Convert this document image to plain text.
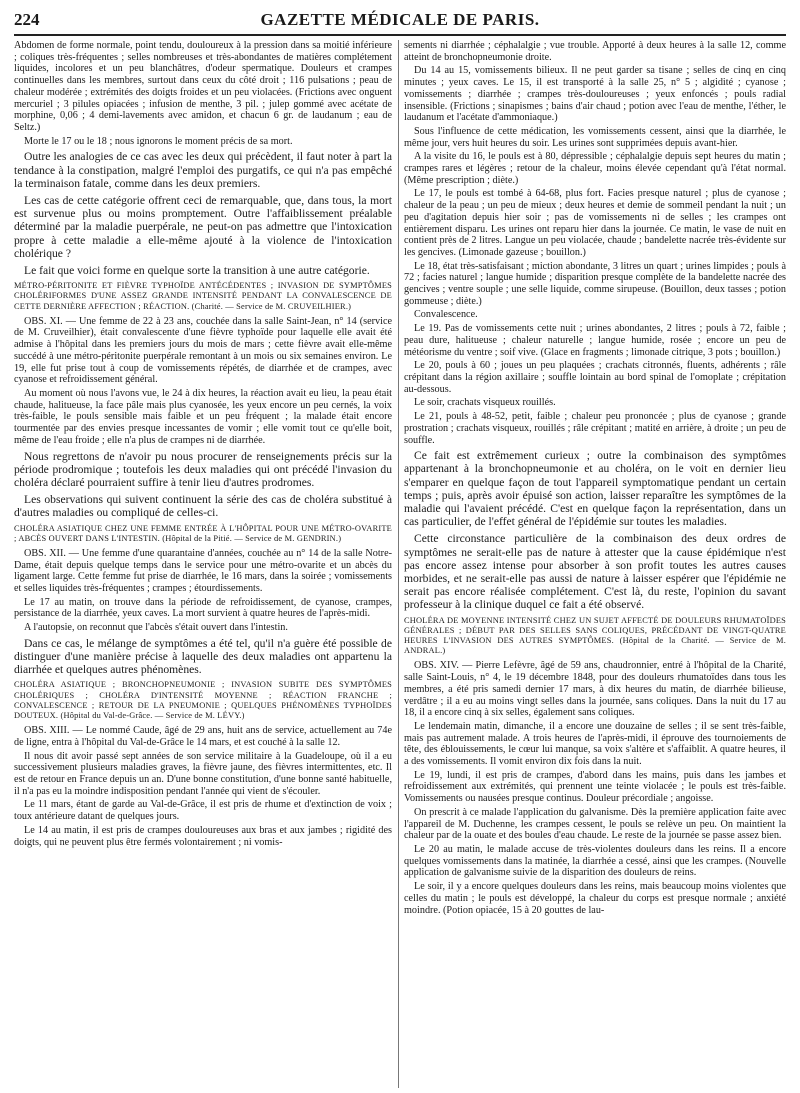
224	GAZETTE MÉDICALE DE PARIS.

Abdomen de forme normale, point tendu, douloureux à la pression dans sa moitié inférieure ; coliques très-fréquentes ; selles nombreuses et très-abondantes de matières complétement liquides, incolores et un peu blanchâtres, d'odeur spermatique. Douleurs et crampes continuelles dans les membres, surtout dans ceux du côté droit ; 116 pulsations ; peau de chaleur modérée ; extrémités des doigts froides et un peu violacées. (Frictions avec onguent mercuriel ; 3 pilules opiacées ; infusion de menthe, 3 pil. ; julep gommé avec acétate de morphine, 0,06 ; 4 demi-lavements avec amidon, et chacun 6 gr. de laudanum ; eau de Seltz.)

Morte le 17 ou le 18 ; nous ignorons le moment précis de sa mort.

Outre les analogies de ce cas avec les deux qui précèdent, il faut noter à part la tendance à la constipation, malgré l'emploi des purgatifs, ce qui n'a pas empêché la terminaison fatale, comme dans les deux premiers.

Les cas de cette catégorie offrent ceci de remarquable, que, dans tous, la mort est survenue plus ou moins promptement. Outre l'affaiblissement préalable déterminé par la maladie puerpérale, ne peut-on pas admettre que l'intoxication propre à cette maladie a elle-même ajouté à la violence de l'intoxication cholérique ?

Le fait que voici forme en quelque sorte la transition à une autre catégorie.

MÉTRO-PÉRITONITE ET FIÈVRE TYPHOÏDE ANTÉCÉDENTES ; INVASION DE SYMPTÔMES CHOLÉRIFORMES D'UNE ASSEZ GRANDE INTENSITÉ PENDANT LA CONVALESCENCE DE CETTE DERNIÈRE AFFECTION ; RÉACTION. (Charité. — Service de M. CRUVEILHIER.)

OBS. XI. — Une femme de 22 à 23 ans, couchée dans la salle Saint-Jean, n° 14 (service de M. Cruveilhier), était convalescente d'une fièvre typhoïde pour laquelle elle avait été admise à l'hôpital dans les premiers jours du mois de mars ; cette fièvre avait elle-même succédé à une métro-péritonite puerpérale remontant à un mois ou six semaines environ. Le 19, elle fut prise tout à coup de vomissements répétés, de diarrhée et de crampes, avec cyanose et refroidissement général.

Au moment où nous l'avons vue, le 24 à dix heures, la réaction avait eu lieu, la peau était chaude, halitueuse, la face pâle mais plus cyanosée, les yeux encore un peu cernés, la voix très-faible, le pouls sensible mais faible et un peu fréquent ; la malade était encore tourmentée par des envies presque incessantes de vomir ; elle vomit tout ce qu'elle boit, même de l'eau froide ; elle n'a plus de crampes ni de diarrhée.

Nous regrettons de n'avoir pu nous procurer de renseignements précis sur la période prodromique ; toutefois les deux maladies qui ont précédé l'invasion du choléra déclaré pourraient suffire à tenir lieu d'autres prodromes.

Les observations qui suivent continuent la série des cas de choléra substitué à d'autres maladies ou compliqué de celles-ci.

CHOLÉRA ASIATIQUE CHEZ UNE FEMME ENTRÉE À L'HÔPITAL POUR UNE MÉTRO-OVARITE ; ABCÈS OUVERT DANS L'INTESTIN. (Hôpital de la Pitié. — Service de M. GENDRIN.)

OBS. XII. — Une femme d'une quarantaine d'années, couchée au n° 14 de la salle Notre-Dame, était depuis quelque temps dans le service pour une métro-ovarite et un abcès du ligament large. Cette femme fut prise de diarrhée, le 16 mars, dans la soirée ; vomissements et selles liquides très-fréquentes ; crampes ; étourdissements.

Le 17 au matin, on trouve dans la période de refroidissement, de cyanose, crampes, persistance de la diarrhée, yeux caves. La mort survient à quatre heures de l'après-midi.

A l'autopsie, on reconnut que l'abcès s'était ouvert dans l'intestin.

Dans ce cas, le mélange de symptômes a été tel, qu'il n'a guère été possible de distinguer d'une manière précise à laquelle des deux maladies ont appartenu la diarrhée et quelques autres phénomènes.

CHOLÉRA ASIATIQUE ; BRONCHOPNEUMONIE ; INVASION SUBITE DES SYMPTÔMES CHOLÉRIQUES ; CHOLÉRA D'INTENSITÉ MOYENNE ; RÉACTION FRANCHE ; CONVALESCENCE ; RETOUR DE LA PNEUMONIE ; QUELQUES PHÉNOMÈNES TYPHOÏDES DOUTEUX. (Hôpital du Val-de-Grâce. — Service de M. LÉVY.)

OBS. XIII. — Le nommé Caude, âgé de 29 ans, huit ans de service, actuellement au 74e de ligne, entra à l'hôpital du Val-de-Grâce le 14 mars, et est couché à la salle 12.

Il nous dit avoir passé sept années de son service militaire à la Guadeloupe, où il a eu successivement plusieurs maladies graves, la fièvre jaune, des fièvres intermittentes, etc. Il est de retour en France depuis un an. D'une bonne constitution, d'une bonne santé habituelle, il n'a pas eu la moindre indisposition pendant l'année qui vient de s'écouler.

Le 11 mars, étant de garde au Val-de-Grâce, il est pris de rhume et d'extinction de voix ; toux antérieure datant de quelques jours.

Le 14 au matin, il est pris de crampes douloureuses aux bras et aux jambes ; rigidité des doigts, qui ne peuvent plus être fermés volontairement ; ni vomis-

sements ni diarrhée ; céphalalgie ; vue trouble. Apporté à deux heures à la salle 12, comme atteint de bronchopneumonie droite.

Du 14 au 15, vomissements bilieux. Il ne peut garder sa tisane ; selles de cinq en cinq minutes ; yeux caves. Le 15, il est transporté à la salle 25, n° 5 ; algidité ; cyanose ; vomissements ; diarrhée ; crampes très-douloureuses ; yeux enfoncés ; pouls radial insensible. (Frictions ; sinapismes ; bains d'air chaud ; potion avec l'eau de menthe, l'éther, le laudanum et l'acétate d'ammoniaque.)

Sous l'influence de cette médication, les vomissements cessent, ainsi que la diarrhée, le même jour, vers huit heures du soir. Les urines sont supprimées depuis avant-hier.

A la visite du 16, le pouls est à 80, dépressible ; céphalalgie depuis sept heures du matin ; crampes rares et légères ; retour de la chaleur, moins élevée cependant qu'à l'état normal. (Même prescription ; diète.)

Le 17, le pouls est tombé à 64-68, plus fort. Facies presque naturel ; plus de cyanose ; chaleur de la peau ; un peu de mieux ; deux heures et demie de sommeil pendant la nuit ; un peu d'agitation depuis hier soir ; pas de vomissements ni de selles ; les crampes ont entièrement disparu. Les urines ont reparu hier dans la journée. Ce matin, le vase de nuit en contient près de 2 litres. Langue un peu violacée, chaude ; bandelette nacrée très-évidente sur les gencives. (Limonade gazeuse ; bouillon.)

Le 18, état très-satisfaisant ; miction abondante, 3 litres un quart ; urines limpides ; pouls à 72 ; facies naturel ; langue humide ; disparition presque complète de la bandelette nacrée des gencives ; ventre souple ; une selle liquide, comme sirupeuse. (Bouillon, deux tasses ; potion gommeuse ; diète.)

Convalescence.

Le 19. Pas de vomissements cette nuit ; urines abondantes, 2 litres ; pouls à 72, faible ; peau dure, halitueuse ; chaleur naturelle ; langue humide, rosée ; encore un peu de météorisme du ventre ; soif vive. (Glace en fragments ; limonade citrique, 3 pots ; bouillon.)

Le 20, pouls à 60 ; joues un peu plaquées ; crachats citronnés, fluents, adhérents ; râle crépitant dans la région axillaire ; souffle lointain au bord spinal de l'omoplate ; crépitation au-dessous.

Le soir, crachats visqueux rouillés.

Le 21, pouls à 48-52, petit, faible ; chaleur peu prononcée ; plus de cyanose ; grande prostration ; crachats visqueux, rouillés ; râle crépitant ; matité en arrière, à droite ; un peu de souffle.

Ce fait est extrêmement curieux ; outre la combinaison des symptômes appartenant à la bronchopneumonie et au choléra, on le voit en dernier lieu s'emparer en quelque façon de tout l'appareil symptomatique pendant un certain temps ; puis, après avoir épuisé son action, laisser reparaître les symptômes de la maladie qui l'avaient précédé. C'est en quelque façon la représentation, dans un cas particulier, de l'effet général de l'épidémie sur toutes les maladies.

Cette circonstance particulière de la combinaison des deux ordres de symptômes ne serait-elle pas de nature à attester que la cause épidémique n'est pas encore assez intense pour absorber à son profit toutes les autres causes morbides, et ne serait-elle pas aussi de nature à laisser espérer que l'épidémie ne serait pas encore réalisée complétement. C'est là, du reste, l'opinion du savant professeur à la clinique duquel ce fait a été observé.

CHOLÉRA DE MOYENNE INTENSITÉ CHEZ UN SUJET AFFECTÉ DE DOULEURS RHUMATOÏDES GÉNÉRALES ; DÉBUT PAR DES SELLES SANS COLIQUES, PRÉCÉDANT DE VINGT-QUATRE HEURES L'INVASION DES AUTRES SYMPTÔMES. (Hôpital de la Charité. — Service de M. ANDRAL.)

OBS. XIV. — Pierre Lefèvre, âgé de 59 ans, chaudronnier, entré à l'hôpital de la Charité, salle Saint-Louis, n° 4, le 19 décembre 1848, pour des douleurs rhumatoïdes dans tous les membres, a été pris samedi dernier 17 mars, à dix heures du matin, de diarrhée bilieuse, verdâtre ; il a eu au moins vingt selles dans la journée, sans coliques. Dans la nuit du 17 au 18, il a encore cinq à six selles, également sans coliques.

Le lendemain matin, dimanche, il a encore une douzaine de selles ; il se sent très-faible, mais pas autrement malade. A trois heures de l'après-midi, il éprouve des tournoiements de tête, des éblouissements, le cœur lui manque, sa voix s'altère et s'affaiblit. A quatre heures, il a des vomissements. Il vomit environ dix fois dans la nuit.

Le 19, lundi, il est pris de crampes, d'abord dans les mains, puis dans les jambes et refroidissement aux extrémités, qui prennent une teinte violacée ; le pouls est très-faible. Vomissements ou nausées presque continus. Douleur précordiale ; angoisse.

On prescrit à ce malade l'application du galvanisme. Dès la première application faite avec l'appareil de M. Duchenne, les crampes cessent, le pouls se relève un peu. On maintient la chaleur par de la ouate et des boules d'eau chaude. Le reste de la journée se passe assez bien.

Le 20 au matin, le malade accuse de très-violentes douleurs dans les reins. Il a encore quelques vomissements dans la matinée, la diarrhée a cessé, ainsi que les crampes. (Nouvelle application de galvanisme suivie de la disparition des douleurs de reins.

Le soir, il y a encore quelques douleurs dans les reins, mais beaucoup moins violentes que celles du matin ; le pouls est développé, la chaleur du corps est presque normale ; anxiété moindre. (Potion opiacée, 15 à 20 gouttes de lau-
